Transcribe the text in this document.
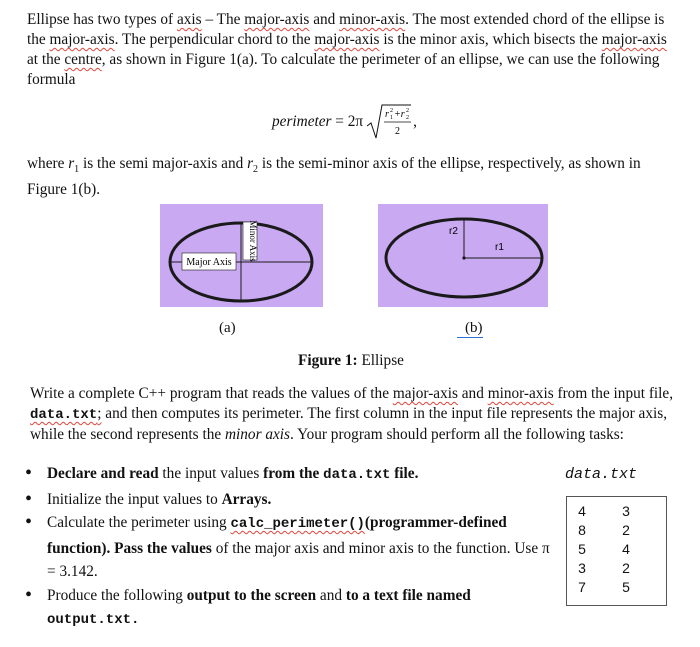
Ellipse has two types of axis – The major-axis and minor-axis. The most extended chord of the ellipse is the major-axis. The perpendicular chord to the major-axis is the minor axis, which bisects the major-axis at the centre, as shown in Figure 1(a). To calculate the perimeter of an ellipse, we can use the following formula

perimeter = 2π r 1
2 +r 2
2
2
,

where $r_1$ is the semi major-axis and $r_2$ is the semi-minor axis of the ellipse, respectively, as shown in Figure 1(b).

Major Axis
Minor Axis
(a)
r2
r1
(b)
Figure 1: Ellipse

Write a complete C++ program that reads the values of the major-axis and minor-axis from the input file, data.txt; and then computes its perimeter. The first column in the input file represents the major axis, while the second represents the minor axis. Your program should perform all the following tasks:

• Declare and read the input values from the data.txt file.
• Initialize the input values to Arrays.
• Calculate the perimeter using calc_perimeter()(programmer-defined function). Pass the values of the major axis and minor axis to the function. Use π = 3.142.
• Produce the following output to the screen and to a text file named
output.txt.
data.txt
4	3
8	2
5	4
3	2
7	5
